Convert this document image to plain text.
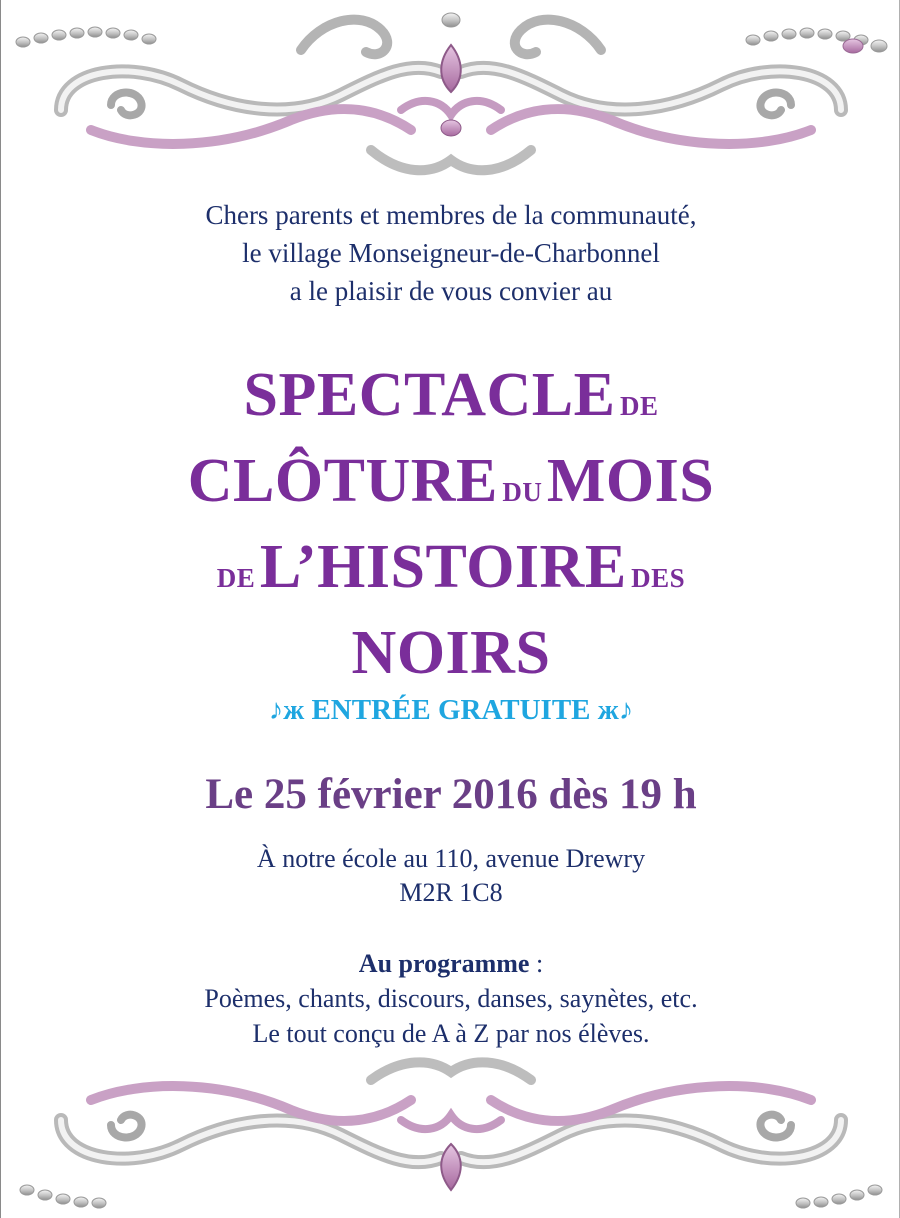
Chers parents et membres de la communauté,
le village Monseigneur-de-Charbonnel
a le plaisir de vous convier au
SPECTACLE DE
CLÔTURE DU MOIS
DE L’HISTOIRE DES
NOIRS
♪ж ENTRÉE GRATUITE ж♪
Le 25 février 2016 dès 19 h
À notre école au 110, avenue Drewry
M2R 1C8
Au programme :
Poèmes, chants, discours, danses, saynètes, etc.
Le tout conçu de A à Z par nos élèves.
